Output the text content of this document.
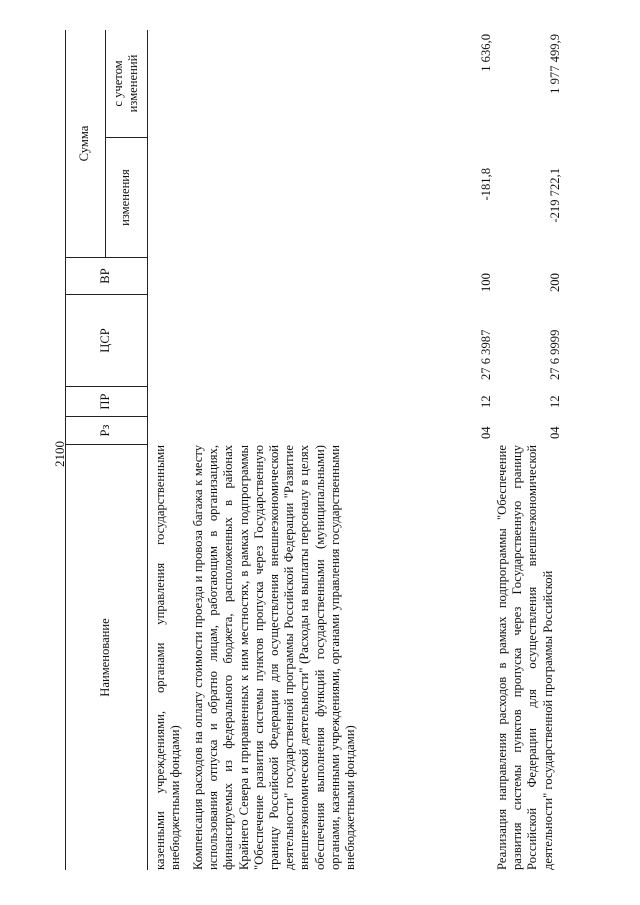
2100
Наименование
Рз
ПР
ЦСР
ВР
Сумма
изменения
с учетом изменений
казенными учреждениями, органами управления государственными внебюджетными фондами) Компенсация расходов на оплату стоимости проезда и провоза багажа к месту использования отпуска и обратно лицам, работающим в организациях, финансируемых из федерального бюджета, расположенных в районах Крайнего Севера и приравненных к ним местностях, в рамках подпрограммы "Обеспечение развития системы пунктов пропуска через Государственную границу Российской Федерации для осуществления внешнеэкономической деятельности" государственной программы Российской Федерации "Развитие внешнеэкономической деятельности" (Расходы на выплаты персоналу в целях обеспечения выполнения функций государственными (муниципальными) органами, казенными учреждениями, органами управления государственными внебюджетными фондами)
04
12
27 6 3987
100
-181,8
1 636,0
Реализация направления расходов в рамках подпрограммы "Обеспечение развития системы пунктов пропуска через Государственную границу Российской Федерации для осуществления внешнеэкономической деятельности" государственной программы Российской
04
12
27 6 9999
200
-219 722,1
1 977 499,9
